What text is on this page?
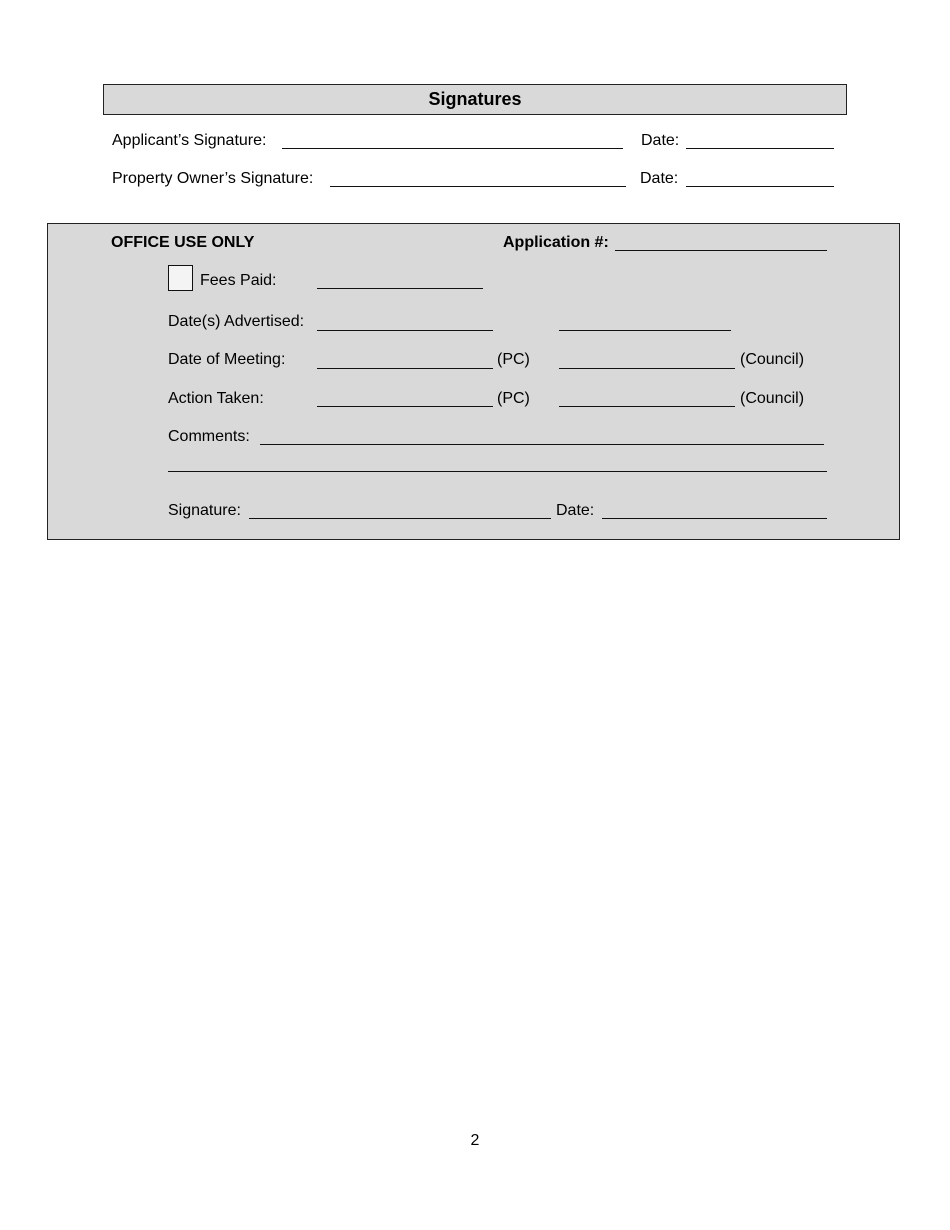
Signatures
Applicant’s Signature:	Date:
Property Owner’s Signature:	Date:
OFFICE USE ONLY	Application #:
Fees Paid:
Date(s) Advertised:
Date of Meeting:	(PC)	(Council)
Action Taken:	(PC)	(Council)
Comments:
Signature:	Date:
2
